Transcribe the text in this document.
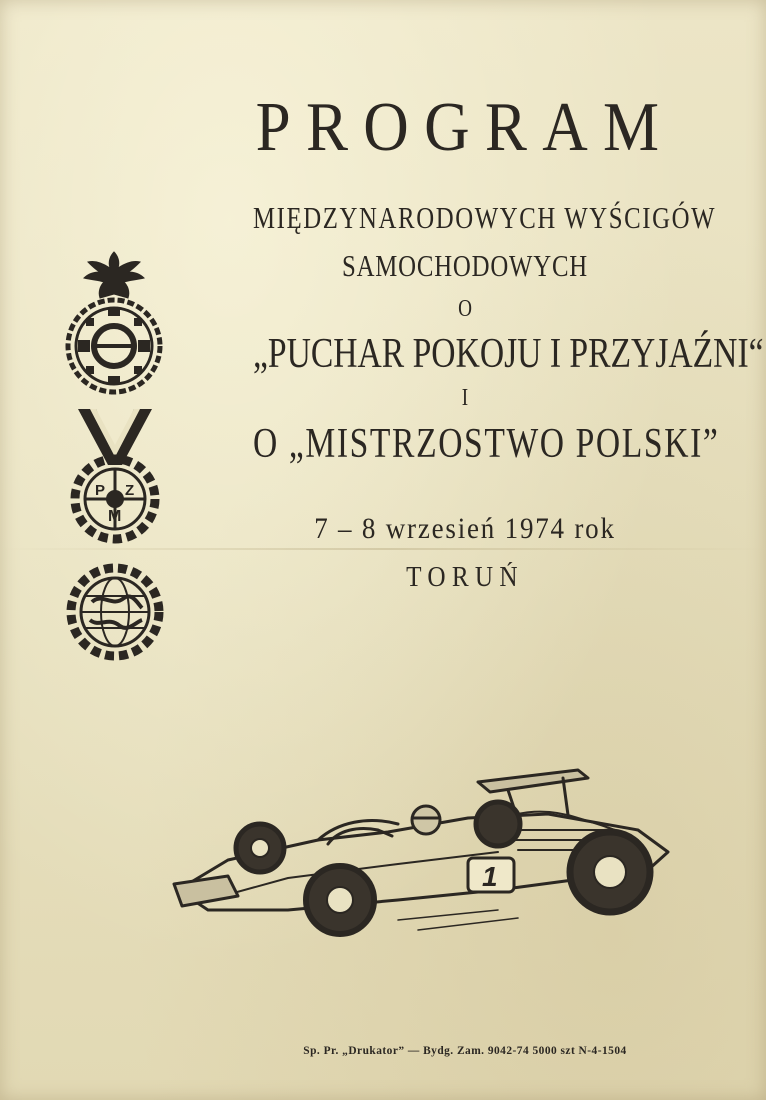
PROGRAM
MIĘDZYNARODOWYCH WYŚCIGÓW
SAMOCHODOWYCH
O
„PUCHAR POKOJU I PRZYJAŹNI“
I
O „MISTRZOSTWO POLSKI”
7 – 8 wrzesień 1974 rok
TORUŃ
P Z
M
1
Sp. Pr. „Drukator” — Bydg. Zam. 9042-74 5000 szt N-4-1504
